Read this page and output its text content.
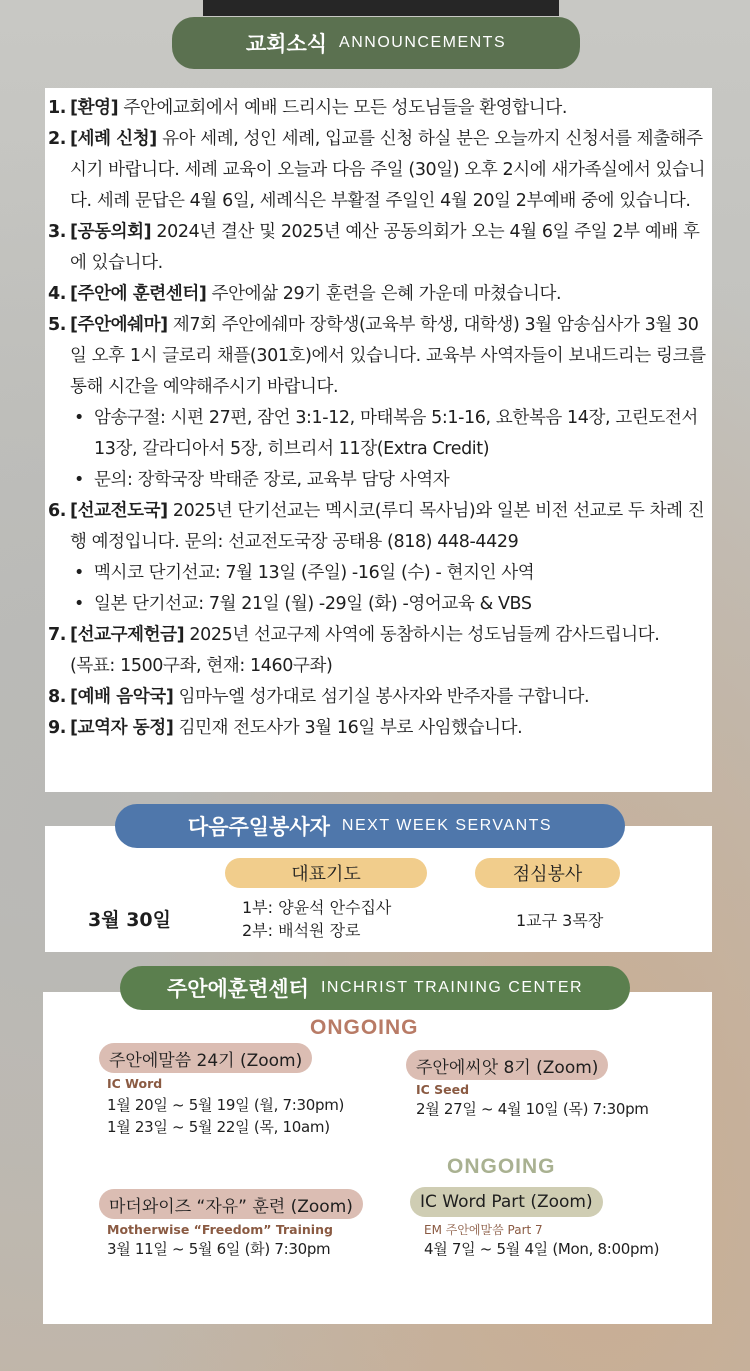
교회소식 ANNOUNCEMENTS
1. [환영] 주안에교회에서 예배 드리시는 모든 성도님들을 환영합니다.
2. [세례 신청] 유아 세례, 성인 세례, 입교를 신청 하실 분은 오늘까지 신청서를 제출해주시기 바랍니다. 세례 교육이 오늘과 다음 주일 (30일) 오후 2시에 새가족실에서 있습니다. 세례 문답은 4월 6일, 세례식은 부활절 주일인 4월 20일 2부예배 중에 있습니다.
3. [공동의회] 2024년 결산 및 2025년 예산 공동의회가 오는 4월 6일 주일 2부 예배 후에 있습니다.
4. [주안에 훈련센터] 주안에삶 29기 훈련을 은혜 가운데 마쳤습니다.
5. [주안에쉐마] 제7회 주안에쉐마 장학생(교육부 학생, 대학생) 3월 암송심사가 3월 30일 오후 1시 글로리 채플(301호)에서 있습니다. 교육부 사역자들이 보내드리는 링크를 통해 시간을 예약해주시기 바랍니다.
• 암송구절: 시편 27편, 잠언 3:1-12, 마태복음 5:1-16, 요한복음 14장, 고린도전서 13장, 갈라디아서 5장, 히브리서 11장(Extra Credit)
• 문의: 장학국장 박태준 장로, 교육부 담당 사역자
6. [선교전도국] 2025년 단기선교는 멕시코(루디 목사님)와 일본 비전 선교로 두 차례 진행 예정입니다. 문의: 선교전도국장 공태용 (818) 448-4429
• 멕시코 단기선교: 7월 13일 (주일) -16일 (수) - 현지인 사역
• 일본 단기선교: 7월 21일 (월) -29일 (화) -영어교육 & VBS
7. [선교구제헌금] 2025년 선교구제 사역에 동참하시는 성도님들께 감사드립니다.
(목표: 1500구좌, 현재: 1460구좌)
8. [예배 음악국] 임마누엘 성가대로 섬기실 봉사자와 반주자를 구합니다.
9. [교역자 동정] 김민재 전도사가 3월 16일 부로 사임했습니다.
다음주일봉사자 NEXT WEEK SERVANTS
대표기도	점심봉사
3월 30일
1부: 양윤석 안수집사
2부: 배석원 장로
1교구 3목장
주안에훈련센터 INCHRIST TRAINING CENTER
ONGOING
ONGOING
주안에말씀 24기 (Zoom)
IC Word
1월 20일 ~ 5월 19일 (월, 7:30pm)
1월 23일 ~ 5월 22일 (목, 10am)
주안에씨앗 8기 (Zoom)
IC Seed
2월 27일 ~ 4월 10일 (목) 7:30pm
마더와이즈 “자유” 훈련 (Zoom)
Motherwise “Freedom” Training
3월 11일 ~ 5월 6일 (화) 7:30pm
IC Word Part (Zoom)
EM 주안에말씀 Part 7
4월 7일 ~ 5월 4일 (Mon, 8:00pm)
